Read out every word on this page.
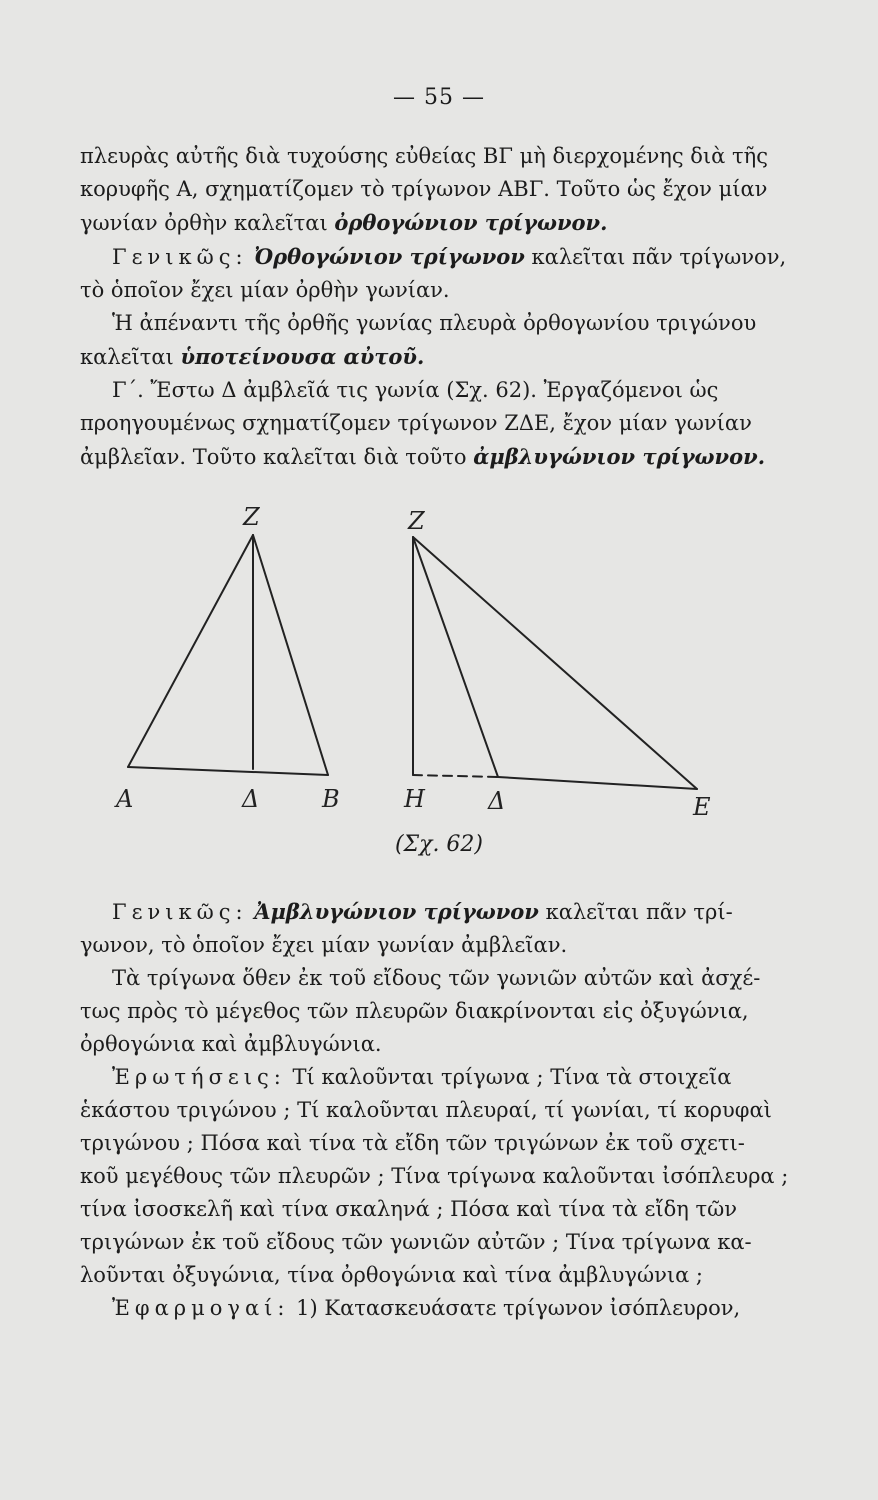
— 55 —

πλευρὰς αὐτῆς διὰ τυχούσης εὐθείας ΒΓ μὴ διερχομένης διὰ τῆς

κορυφῆς Α, σχηματίζομεν τὸ τρίγωνον ΑΒΓ. Τοῦτο ὡς ἔχον μίαν

γωνίαν ὀρθὴν καλεῖται ὀρθογώνιον τρίγωνον.

Γενικῶς: Ὀρθογώνιον τρίγωνον καλεῖται πᾶν τρίγωνον,

τὸ ὁποῖον ἔχει μίαν ὀρθὴν γωνίαν.

Ἡ ἀπέναντι τῆς ὀρθῆς γωνίας πλευρὰ ὀρθογωνίου τριγώνου

καλεῖται ὑποτείνουσα αὐτοῦ.

Γ΄. Ἔστω Δ ἀμβλεῖά τις γωνία (Σχ. 62). Ἐργαζόμενοι ὡς

προηγουμένως σχηματίζομεν τρίγωνον ΖΔΕ, ἔχον μίαν γωνίαν

ἀμβλεῖαν. Τοῦτο καλεῖται διὰ τοῦτο ἀμβλυγώνιον τρίγωνον.

Ζ
Α	Δ	Β
Ζ
Η	Δ	Ε
(Σχ. 62)

Γενικῶς: Ἀμβλυγώνιον τρίγωνον καλεῖται πᾶν τρί-

γωνον, τὸ ὁποῖον ἔχει μίαν γωνίαν ἀμβλεῖαν.

Τὰ τρίγωνα ὅθεν ἐκ τοῦ εἴδους τῶν γωνιῶν αὐτῶν καὶ ἀσχέ-

τως πρὸς τὸ μέγεθος τῶν πλευρῶν διακρίνονται εἰς ὀξυγώνια,

ὀρθογώνια καὶ ἀμβλυγώνια.

Ἐρωτήσεις: Τί καλοῦνται τρίγωνα ; Τίνα τὰ στοιχεῖα

ἑκάστου τριγώνου ; Τί καλοῦνται πλευραί, τί γωνίαι, τί κορυφαὶ

τριγώνου ; Πόσα καὶ τίνα τὰ εἴδη τῶν τριγώνων ἐκ τοῦ σχετι-

κοῦ μεγέθους τῶν πλευρῶν ; Τίνα τρίγωνα καλοῦνται ἰσόπλευρα ;

τίνα ἰσοσκελῆ καὶ τίνα σκαληνά ; Πόσα καὶ τίνα τὰ εἴδη τῶν

τριγώνων ἐκ τοῦ εἴδους τῶν γωνιῶν αὐτῶν ; Τίνα τρίγωνα κα-

λοῦνται ὀξυγώνια, τίνα ὀρθογώνια καὶ τίνα ἀμβλυγώνια ;

Ἐφαρμογαί: 1) Κατασκευάσατε τρίγωνον ἰσόπλευρον,
